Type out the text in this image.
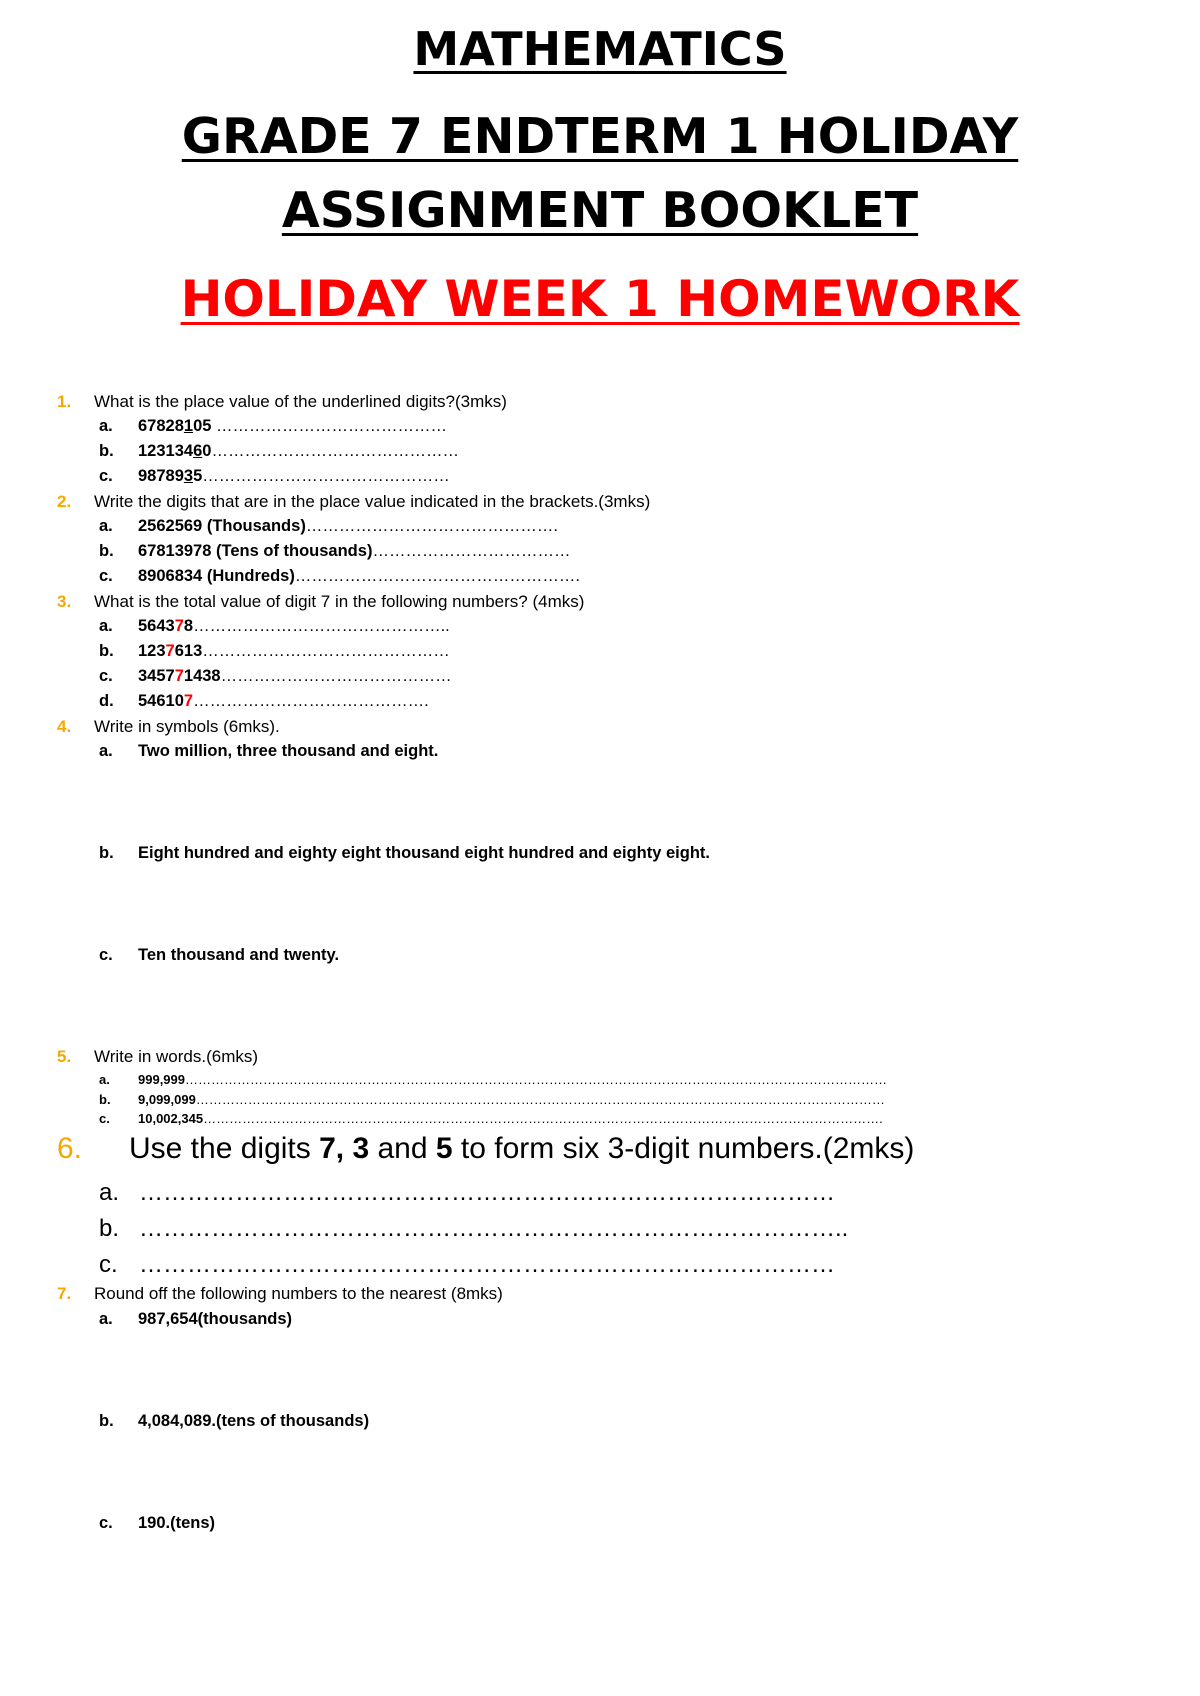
MATHEMATICS
GRADE 7 ENDTERM 1 HOLIDAY
ASSIGNMENT BOOKLET
HOLIDAY WEEK 1 HOMEWORK
1. What is the place value of the underlined digits?(3mks)
a. 67828105 ……………………………………
b. 12313460………………………………………
c. 9878935………………………………………
2. Write the digits that are in the place value indicated in the brackets.(3mks)
a. 2562569 (Thousands)……………………………………….
b. 67813978 (Tens of thousands)………………………………
c. 8906834 (Hundreds)…………………………………………….
3. What is the total value of digit 7 in the following numbers? (4mks)
a. 564378………………………………………..
b. 1237613………………………………………
c. 345771438……………………………………
d. 546107…………………………………….
4. Write in symbols (6mks).
a. Two million, three thousand and eight.
b. Eight hundred and eighty eight thousand eight hundred and eighty eight.
c. Ten thousand and twenty.
5. Write in words.(6mks)
a. 999,999………………………………………………………………………………………………………………………………………………
b. 9,099,099……………………………………………………………………………………………………………………………………………
c. 10,002,345………………………………………………………………………………………………………………………………………….
6. Use the digits 7, 3 and 5 to form six 3-digit numbers.(2mks)
a. ……………………………………………………………………………
b. ……………………………………………………………………………..
c. ……………………………………………………………………………
7. Round off the following numbers to the nearest (8mks)
a. 987,654(thousands)
b. 4,084,089.(tens of thousands)
c. 190.(tens)
